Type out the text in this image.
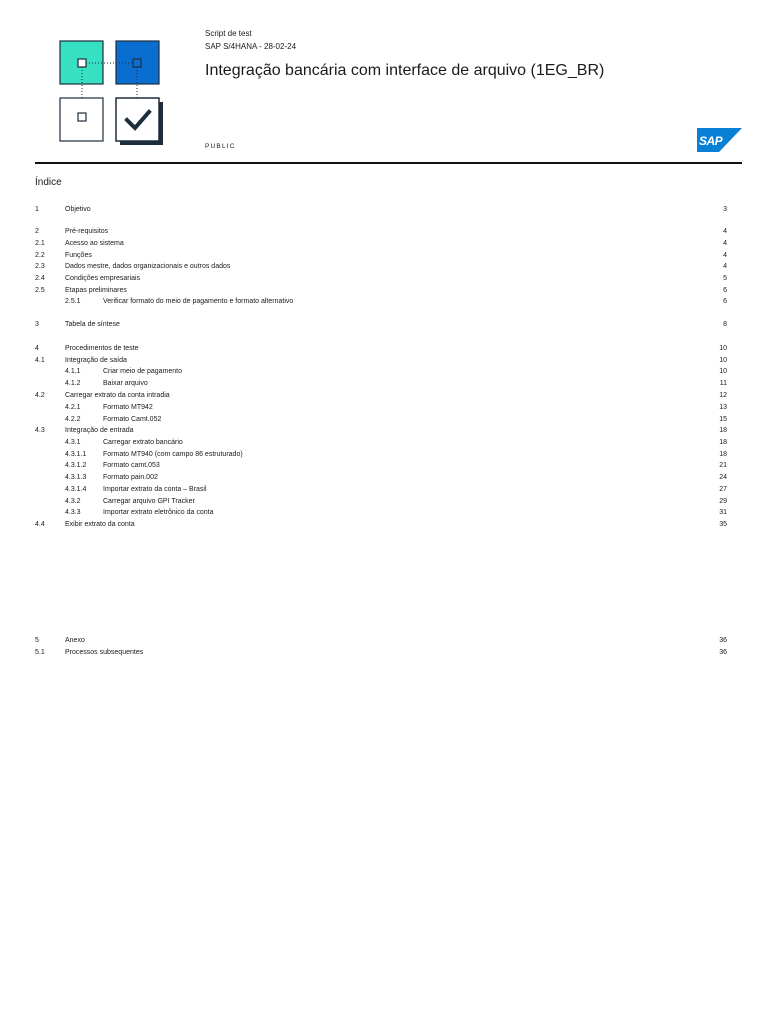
Script de test
SAP S/4HANA - 28-02-24
Integração bancária com interface de arquivo (1EG_BR)
PUBLIC	SAP
Índice
1	Objetivo	3
2	Pré-requisitos	4
2.1	Acesso ao sistema	4
2.2	Funções	4
2.3	Dados mestre, dados organizacionais e outros dados	4
2.4	Condições empresariais	5
2.5	Etapas preliminares	6
2.5.1	Verificar formato do meio de pagamento e formato alternativo	6
3	Tabela de síntese	8
4	Procedimentos de teste	10
4.1	Integração de saída	10
4.1.1	Criar meio de pagamento	10
4.1.2	Baixar arquivo	11
4.2	Carregar extrato da conta intradia	12
4.2.1	Formato MT942	13
4.2.2	Formato Camt.052	15
4.3	Integração de entrada	18
4.3.1	Carregar extrato bancário	18
4.3.1.1 Formato MT940 (com campo 86 estruturado)	18
4.3.1.2 Formato camt.053	21
4.3.1.3 Formato pain.002	24
4.3.1.4 Importar extrato da conta – Brasil	27
4.3.2	Carregar arquivo GPI Tracker	29
4.3.3	Importar extrato eletrônico da conta	31
4.4	Exibir extrato da conta	35
5	Anexo	36
5.1	Processos subsequentes	36
